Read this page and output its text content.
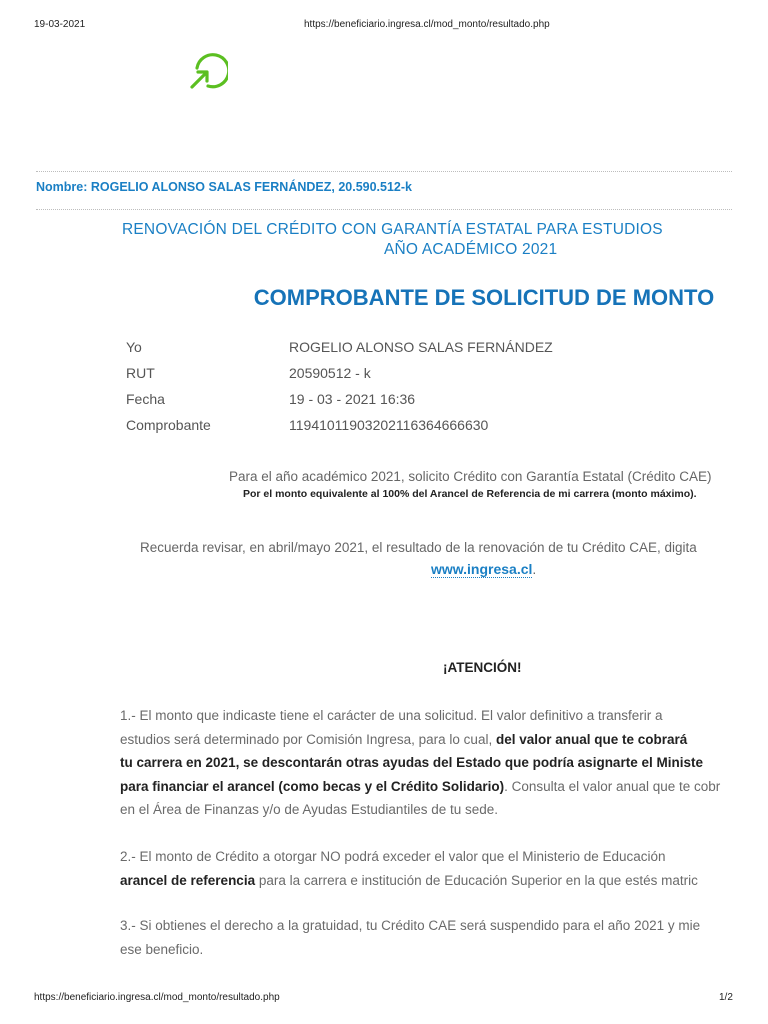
19-03-2021	https://beneficiario.ingresa.cl/mod_monto/resultado.php
Nombre: ROGELIO ALONSO SALAS FERNÁNDEZ, 20.590.512-k
RENOVACIÓN DEL CRÉDITO CON GARANTÍA ESTATAL PARA ESTUDIOS
AÑO ACADÉMICO 2021
COMPROBANTE DE SOLICITUD DE MONTO
Yo	ROGELIO ALONSO SALAS FERNÁNDEZ
RUT	20590512 - k
Fecha	19 - 03 - 2021 16:36
Comprobante	11941011903202116364666630
Para el año académico 2021, solicito Crédito con Garantía Estatal (Crédito CAE)
Por el monto equivalente al 100% del Arancel de Referencia de mi carrera (monto máximo).
Recuerda revisar, en abril/mayo 2021, el resultado de la renovación de tu Crédito CAE, digita
www.ingresa.cl.
¡ATENCIÓN!
1.- El monto que indicaste tiene el carácter de una solicitud. El valor definitivo a transferir a
estudios será determinado por Comisión Ingresa, para lo cual, del valor anual que te cobrará
tu carrera en 2021, se descontarán otras ayudas del Estado que podría asignarte el Ministe
para financiar el arancel (como becas y el Crédito Solidario). Consulta el valor anual que te cobr
en el Área de Finanzas y/o de Ayudas Estudiantiles de tu sede.
2.- El monto de Crédito a otorgar NO podrá exceder el valor que el Ministerio de Educación
arancel de referencia para la carrera e institución de Educación Superior en la que estés matric
3.- Si obtienes el derecho a la gratuidad, tu Crédito CAE será suspendido para el año 2021 y mie
ese beneficio.
https://beneficiario.ingresa.cl/mod_monto/resultado.php	1/2
